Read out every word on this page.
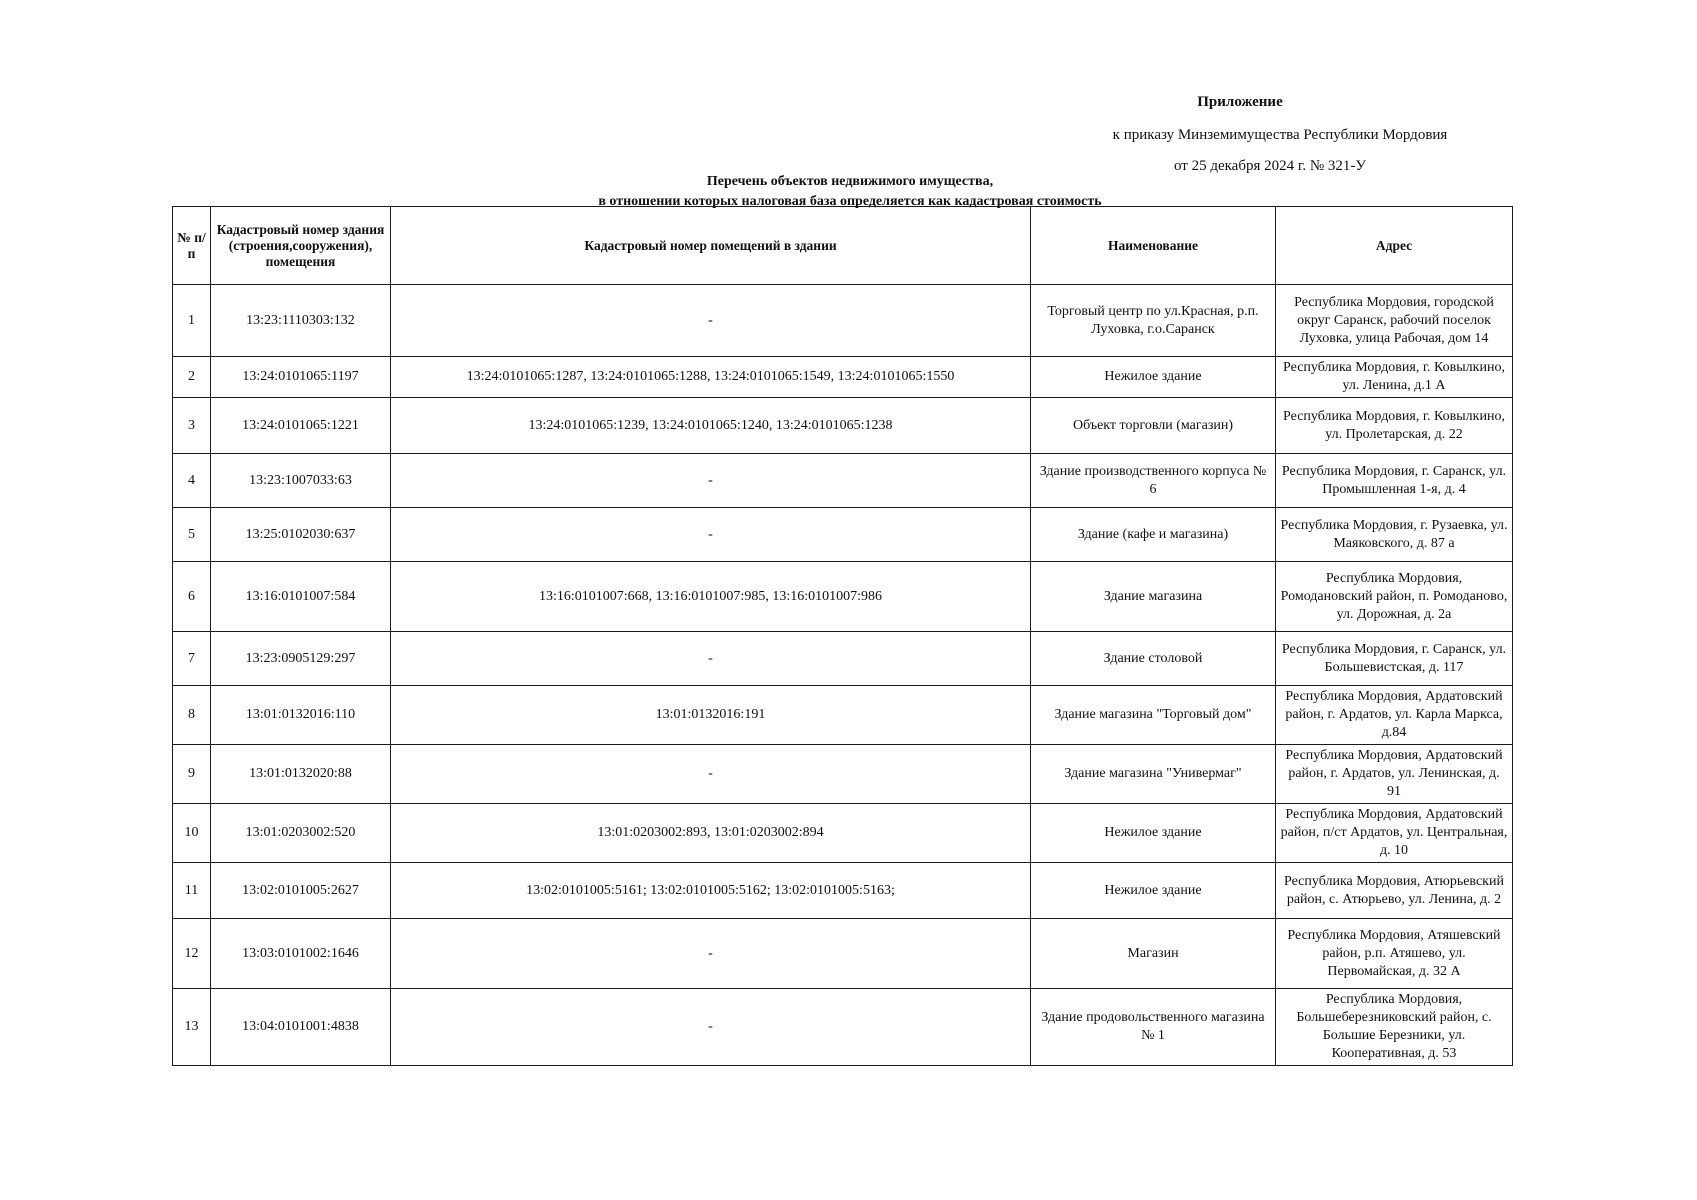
Приложение
к приказу Минземимущества Республики Мордовия
от 25 декабря 2024 г. № 321-У
Перечень объектов недвижимого имущества,
в отношении которых налоговая база определяется как кадастровая стоимость
№ п/п	Кадастровый номер здания (строения,сооружения), помещения	Кадастровый номер помещений в здании	Наименование	Адрес
1	13:23:1110303:132	-	Торговый центр по ул.Красная, р.п. Луховка, г.о.Саранск	Республика Мордовия, городской округ Саранск, рабочий поселок Луховка, улица Рабочая, дом 14
2	13:24:0101065:1197	13:24:0101065:1287, 13:24:0101065:1288, 13:24:0101065:1549, 13:24:0101065:1550	Нежилое здание	Республика Мордовия, г. Ковылкино, ул. Ленина, д.1 А
3	13:24:0101065:1221	13:24:0101065:1239, 13:24:0101065:1240, 13:24:0101065:1238	Объект торговли (магазин)	Республика Мордовия, г. Ковылкино, ул. Пролетарская, д. 22
4	13:23:1007033:63	-	Здание производственного корпуса № 6	Республика Мордовия, г. Саранск, ул. Промышленная 1-я, д. 4
5	13:25:0102030:637	-	Здание (кафе и магазина)	Республика Мордовия, г. Рузаевка, ул. Маяковского, д. 87 а
6	13:16:0101007:584	13:16:0101007:668, 13:16:0101007:985, 13:16:0101007:986	Здание магазина	Республика Мордовия, Ромодановский район, п. Ромоданово, ул. Дорожная, д. 2а
7	13:23:0905129:297	-	Здание столовой	Республика Мордовия, г. Саранск, ул. Большевистская, д. 117
8	13:01:0132016:110	13:01:0132016:191	Здание магазина "Торговый дом"	Республика Мордовия, Ардатовский район, г. Ардатов, ул. Карла Маркса, д.84
9	13:01:0132020:88	-	Здание магазина "Универмаг"	Республика Мордовия, Ардатовский район, г. Ардатов, ул. Ленинская, д. 91
10	13:01:0203002:520	13:01:0203002:893, 13:01:0203002:894	Нежилое здание	Республика Мордовия, Ардатовский район, п/ст Ардатов, ул. Центральная, д. 10
11	13:02:0101005:2627	13:02:0101005:5161; 13:02:0101005:5162; 13:02:0101005:5163;	Нежилое здание	Республика Мордовия, Атюрьевский район, с. Атюрьево, ул. Ленина, д. 2
12	13:03:0101002:1646	-	Магазин	Республика Мордовия, Атяшевский район, р.п. Атяшево, ул. Первомайская, д. 32 А
13	13:04:0101001:4838	-	Здание продовольственного магазина № 1	Республика Мордовия, Большеберезниковский район, с. Большие Березники, ул. Кооперативная, д. 53
